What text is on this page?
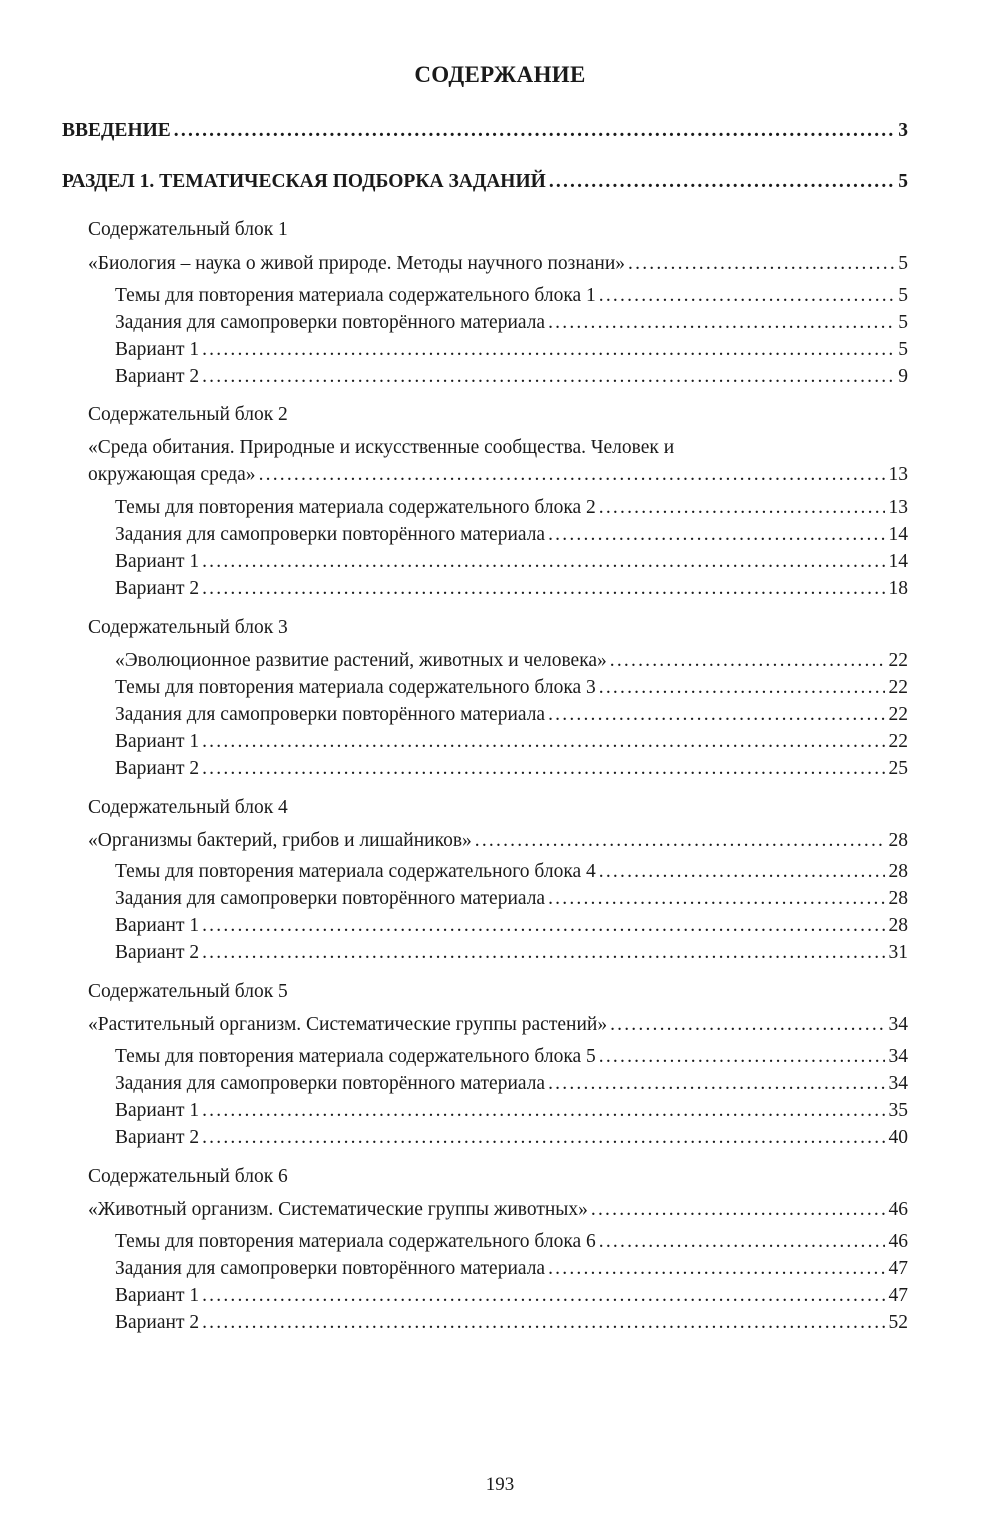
СОДЕРЖАНИЕ
ВВЕДЕНИЕ .....	3
РАЗДЕЛ 1. ТЕМАТИЧЕСКАЯ ПОДБОРКА ЗАДАНИЙ .....	5
Содержательный блок 1
«Биология – наука о живой природе. Методы научного познани» .....	5
Темы для повторения материала содержательного блока 1 .....	5
Задания для самопроверки повторённого материала .....	5
Вариант 1 .....	5
Вариант 2 .....	9
Содержательный блок 2
«Среда обитания. Природные и искусственные сообщества. Человек и
окружающая среда» .....	13
Темы для повторения материала содержательного блока 2 .....	13
Задания для самопроверки повторённого материала .....	14
Вариант 1 .....	14
Вариант 2 .....	18
Содержательный блок 3
«Эволюционное развитие растений, животных и человека» .....	22
Темы для повторения материала содержательного блока 3 .....	22
Задания для самопроверки повторённого материала .....	22
Вариант 1 .....	22
Вариант 2 .....	25
Содержательный блок 4
«Организмы бактерий, грибов и лишайников» .....	28
Темы для повторения материала содержательного блока 4 .....	28
Задания для самопроверки повторённого материала .....	28
Вариант 1 .....	28
Вариант 2 .....	31
Содержательный блок 5
«Растительный организм. Систематические группы растений» .....	34
Темы для повторения материала содержательного блока 5 .....	34
Задания для самопроверки повторённого материала .....	34
Вариант 1 .....	35
Вариант 2 .....	40
Содержательный блок 6
«Животный организм. Систематические группы животных» .....	46
Темы для повторения материала содержательного блока 6 .....	46
Задания для самопроверки повторённого материала .....	47
Вариант 1 .....	47
Вариант 2 .....	52
193
